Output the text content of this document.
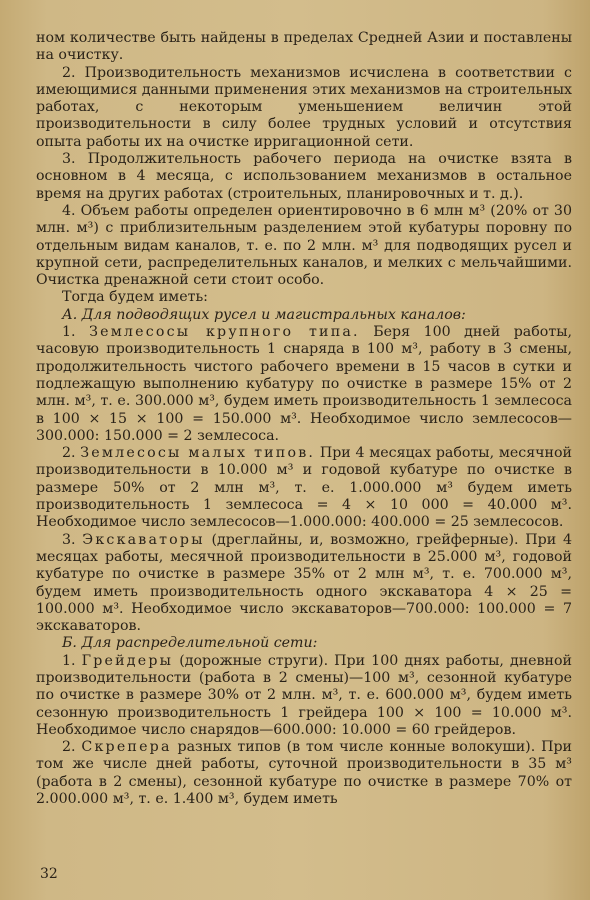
ном количестве быть найдены в пределах Средней Азии и поставлены на очистку.

2. Производительность механизмов исчислена в соответствии с имеющимися данными применения этих механизмов на строительных работах, с некоторым уменьшением величин этой производительности в силу более трудных условий и отсутствия опыта работы их на очистке ирригационной сети.

3. Продолжительность рабочего периода на очистке взята в основном в 4 месяца, с использованием механизмов в остальное время на других работах (строительных, планировочных и т. д.).

4. Объем работы определен ориентировочно в 6 млн м³ (20% от 30 млн. м³) с приблизительным разделением этой кубатуры поровну по отдельным видам каналов, т. е. по 2 млн. м³ для подводящих русел и крупной сети, распределительных каналов, и мелких с мельчайшими. Очистка дренажной сети стоит особо.

Тогда будем иметь:

А. Для подводящих русел и магистральных каналов:

1. Землесосы крупного типа. Беря 100 дней работы, часовую производительность 1 снаряда в 100 м³, работу в 3 смены, продолжительность чистого рабочего времени в 15 часов в сутки и подлежащую выполнению кубатуру по очистке в размере 15% от 2 млн. м³, т. е. 300.000 м³, будем иметь производительность 1 землесоса в 100 × 15 × 100 = 150.000 м³. Необходимое число землесосов—300.000: 150.000 = 2 землесоса.

2. Землесосы малых типов. При 4 месяцах работы, месячной производительности в 10.000 м³ и годовой кубатуре по очистке в размере 50% от 2 млн м³, т. е. 1.000.000 м³ будем иметь производительность 1 землесоса = 4 × 10 000 = 40.000 м³. Необходимое число землесосов—1.000.000: 400.000 = 25 землесосов.

3. Экскаваторы (дреглайны, и, возможно, грейферные). При 4 месяцах работы, месячной производительности в 25.000 м³, годовой кубатуре по очистке в размере 35% от 2 млн м³, т. е. 700.000 м³, будем иметь производительность одного экскаватора 4 × 25 = 100.000 м³. Необходимое число экскаваторов—700.000: 100.000 = 7 экскаваторов.

Б. Для распределительной сети:

1. Грейдеры (дорожные струги). При 100 днях работы, дневной производительности (работа в 2 смены)—100 м³, сезонной кубатуре по очистке в размере 30% от 2 млн. м³, т. е. 600.000 м³, будем иметь сезонную производительность 1 грейдера 100 × 100 = 10.000 м³. Необходимое число снарядов—600.000: 10.000 = 60 грейдеров.

2. Скрепера разных типов (в том числе конные волокуши). При том же числе дней работы, суточной производительности в 35 м³ (работа в 2 смены), сезонной кубатуре по очистке в размере 70% от 2.000.000 м³, т. е. 1.400 м³, будем иметь

32
